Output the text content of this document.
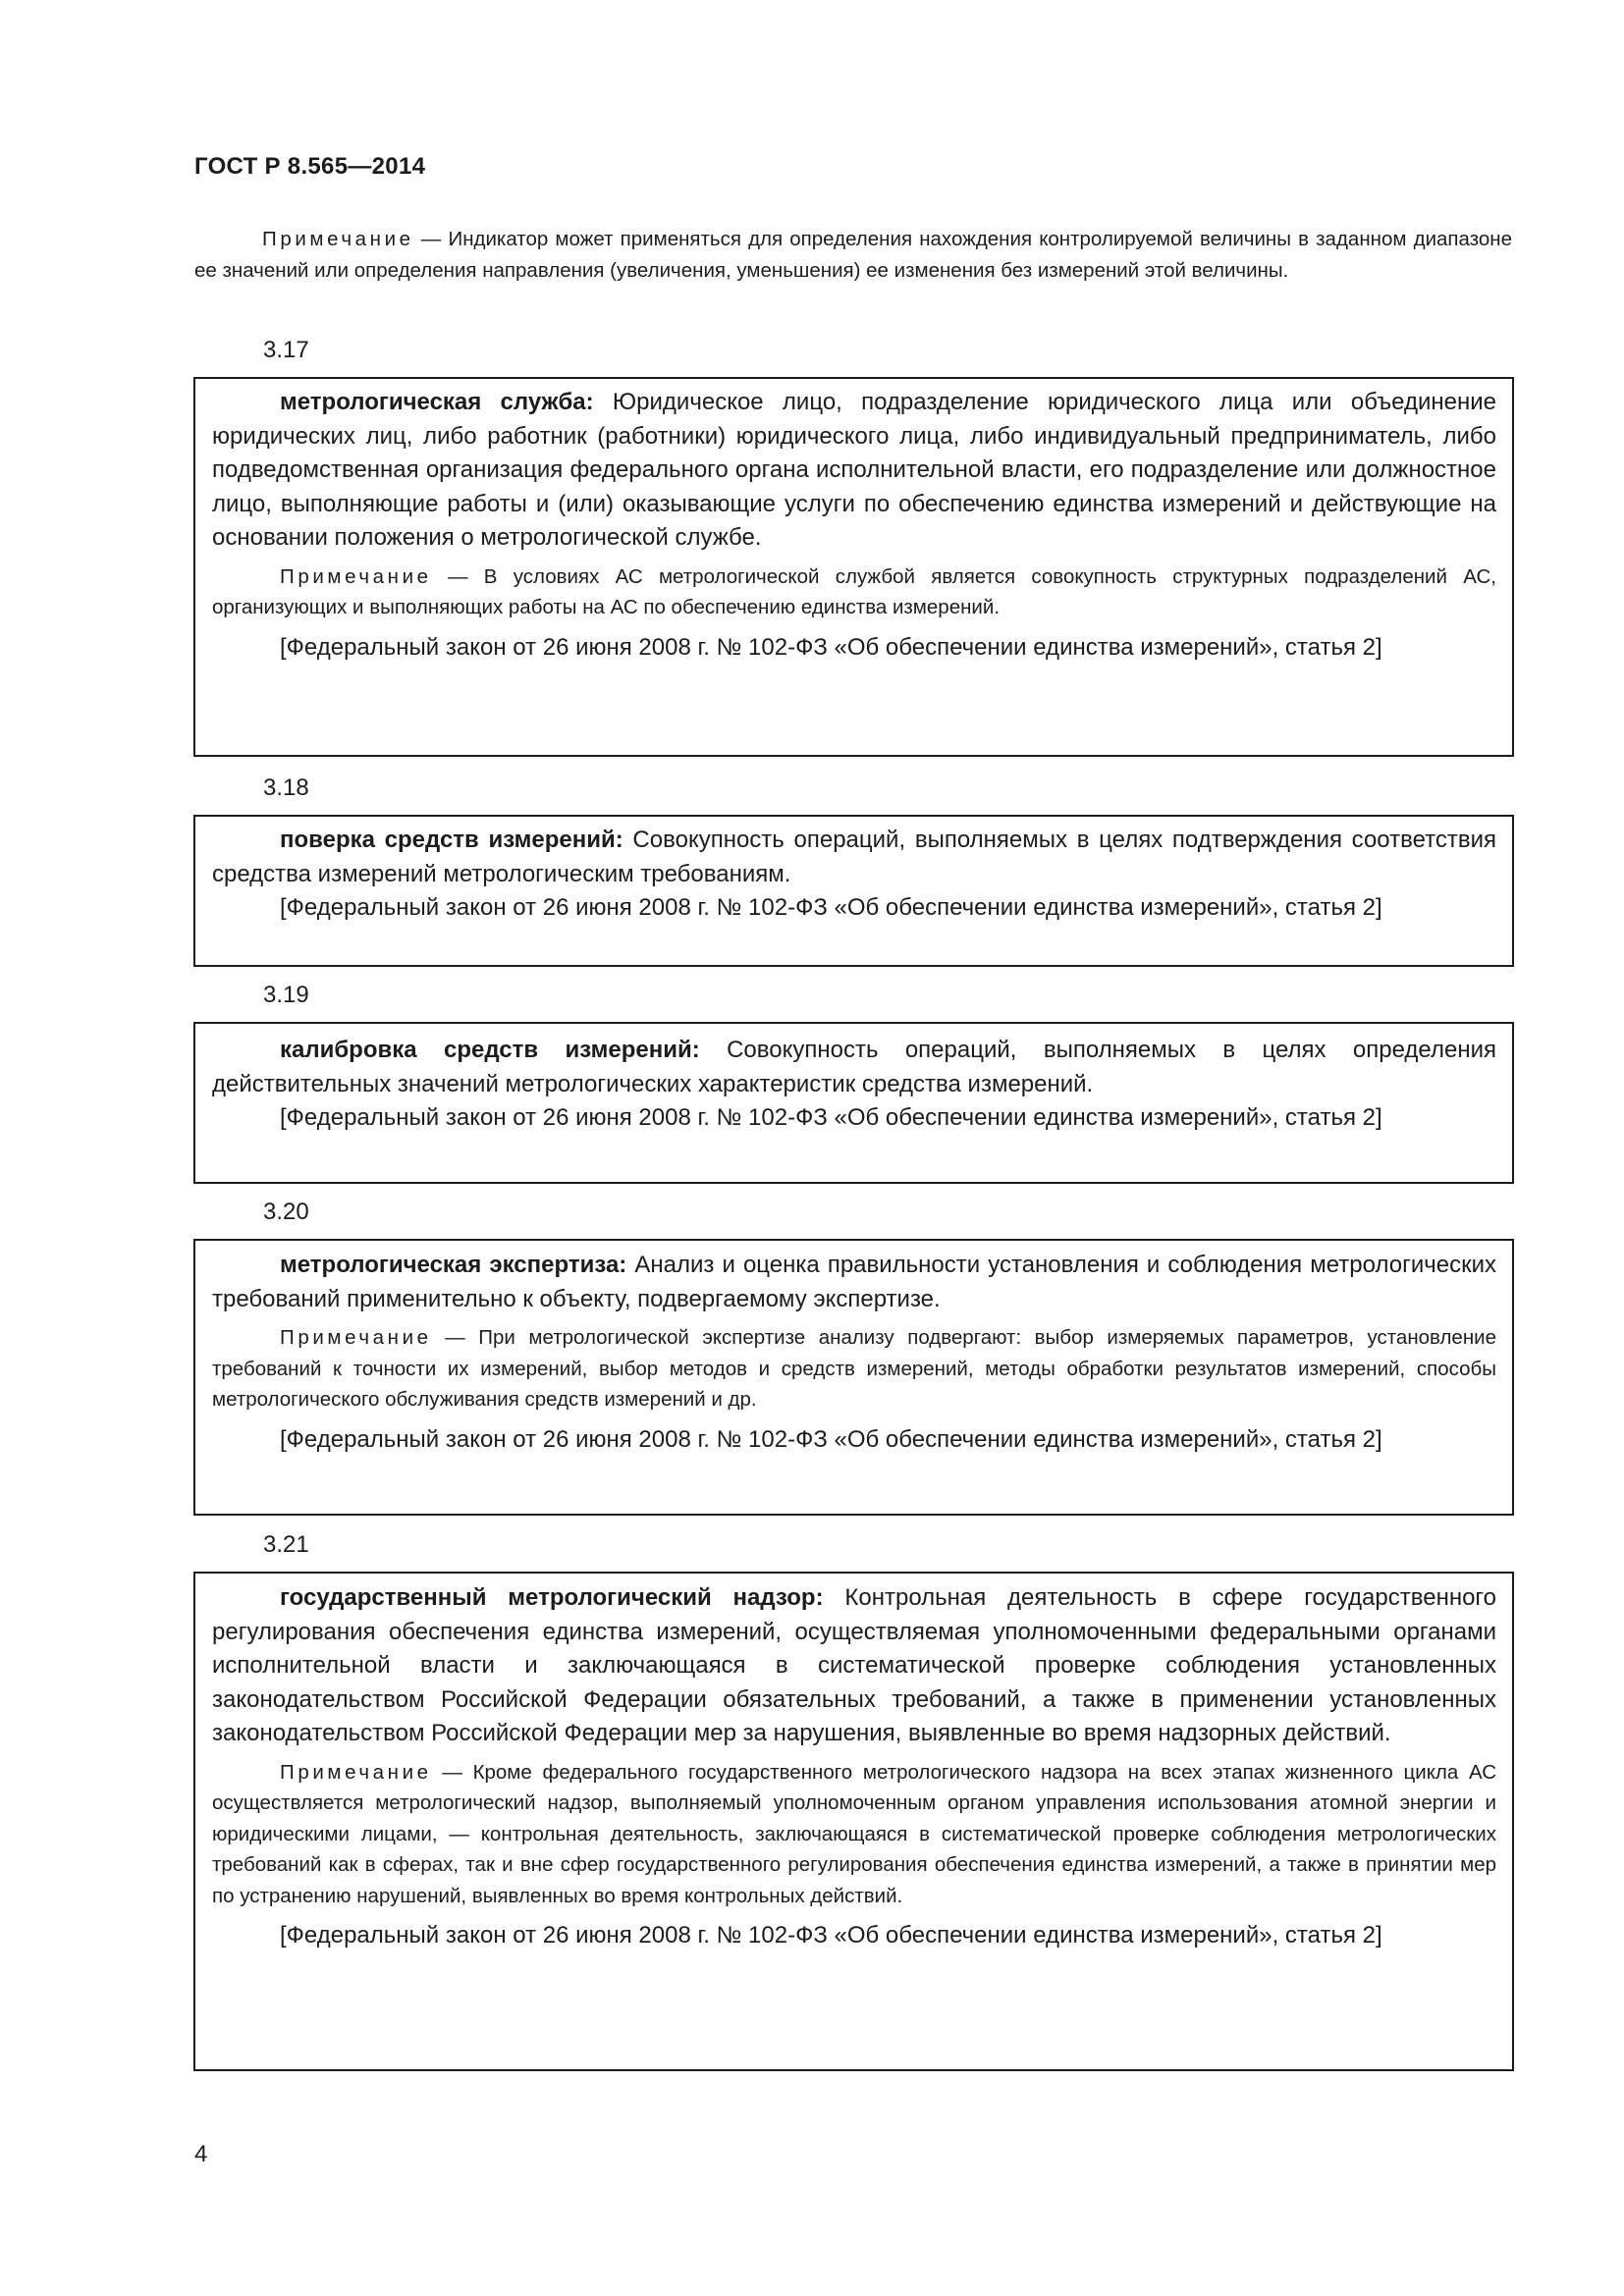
ГОСТ Р 8.565—2014

Примечание — Индикатор может применяться для определения нахождения контролируемой величины в заданном диапазоне ее значений или определения направления (увеличения, уменьшения) ее изменения без измерений этой величины.

3.17

метрологическая служба: Юридическое лицо, подразделение юридического лица или объединение юридических лиц, либо работник (работники) юридического лица, либо индивидуальный предприниматель, либо подведомственная организация федерального органа исполнительной власти, его подразделение или должностное лицо, выполняющие работы и (или) оказывающие услуги по обеспечению единства измерений и действующие на основании положения о метрологической службе.

Примечание — В условиях АС метрологической службой является совокупность структурных подразделений АС, организующих и выполняющих работы на АС по обеспечению единства измерений.

[Федеральный закон от 26 июня 2008 г. № 102-ФЗ «Об обеспечении единства измерений», статья 2]

3.18

поверка средств измерений: Совокупность операций, выполняемых в целях подтверждения соответствия средства измерений метрологическим требованиям.

[Федеральный закон от 26 июня 2008 г. № 102-ФЗ «Об обеспечении единства измерений», статья 2]

3.19

калибровка средств измерений: Совокупность операций, выполняемых в целях определения действительных значений метрологических характеристик средства измерений.

[Федеральный закон от 26 июня 2008 г. № 102-ФЗ «Об обеспечении единства измерений», статья 2]

3.20

метрологическая экспертиза: Анализ и оценка правильности установления и соблюдения метрологических требований применительно к объекту, подвергаемому экспертизе.

Примечание — При метрологической экспертизе анализу подвергают: выбор измеряемых параметров, установление требований к точности их измерений, выбор методов и средств измерений, методы обработки результатов измерений, способы метрологического обслуживания средств измерений и др.

[Федеральный закон от 26 июня 2008 г. № 102-ФЗ «Об обеспечении единства измерений», статья 2]

3.21

государственный метрологический надзор: Контрольная деятельность в сфере государственного регулирования обеспечения единства измерений, осуществляемая уполномоченными федеральными органами исполнительной власти и заключающаяся в систематической проверке соблюдения установленных законодательством Российской Федерации обязательных требований, а также в применении установленных законодательством Российской Федерации мер за нарушения, выявленные во время надзорных действий.

Примечание — Кроме федерального государственного метрологического надзора на всех этапах жизненного цикла АС осуществляется метрологический надзор, выполняемый уполномоченным органом управления использования атомной энергии и юридическими лицами, — контрольная деятельность, заключающаяся в систематической проверке соблюдения метрологических требований как в сферах, так и вне сфер государственного регулирования обеспечения единства измерений, а также в принятии мер по устранению нарушений, выявленных во время контрольных действий.

[Федеральный закон от 26 июня 2008 г. № 102-ФЗ «Об обеспечении единства измерений», статья 2]

4
